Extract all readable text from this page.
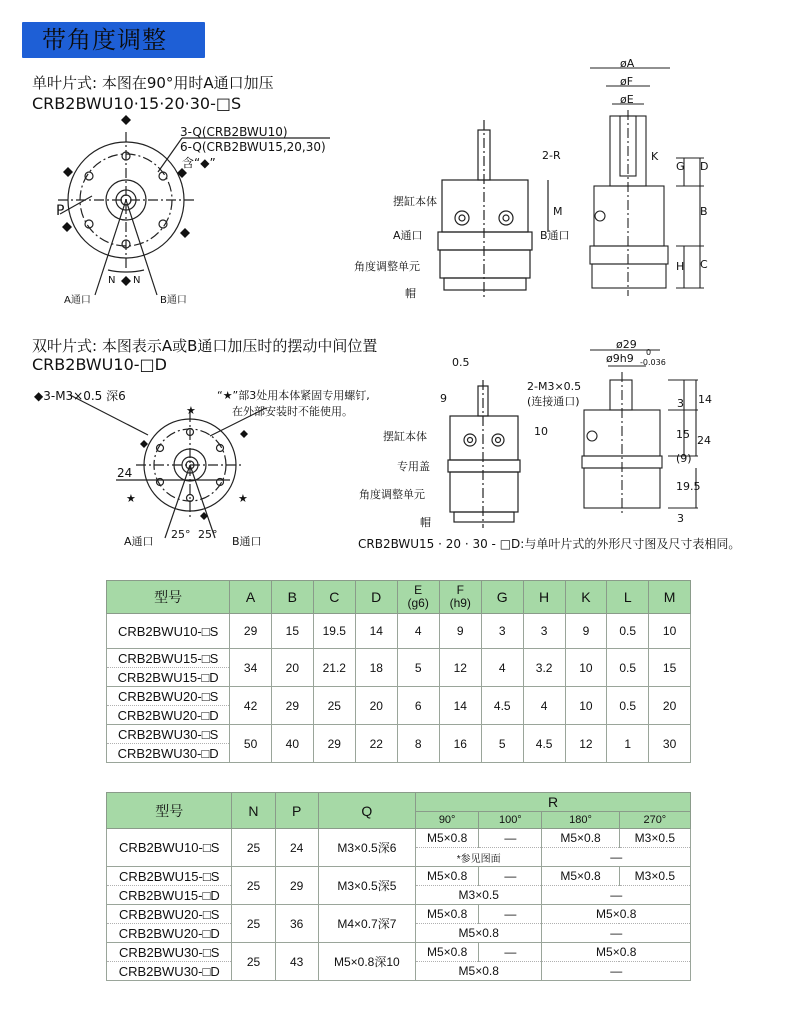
带角度调整
单叶片式: 本图在90°用时A通口加压
CRB2BWU10·15·20·30-□S
P
N N
A通口	B通口
3-Q(CRB2BWU10)
6-Q(CRB2BWU15,20,30)
含“◆”
2-R
摆缸本体
A通口	B通口
角度调整单元
帽
M
øA
øF
øE
K
G D
B
H C
双叶片式: 本图表示A或B通口加压时的摆动中间位置
CRB2BWU10-□D
★
★	★
◆3-M3×0.5 深6	“★”部3处用本体紧固专用螺钉,
在外部安装时不能使用。
24
25° 25°
A通口	B通口
0.5
9
2-M3×0.5
(连接通口)
10
摆缸本体
专用盖
角度调整单元
帽
ø29
ø9h9 0
-0.036
3 14
15 24
(9)
19.5
3
CRB2BWU15 · 20 · 30 - □D:与单叶片式的外形尺寸图及尺寸表相同。
型号	A	B	C	D	E
(g6)	F
(h9)	G	H	K	L	M
CRB2BWU10-□S	29	15	19.5	14	4	9	3	3	9	0.5	10
CRB2BWU15-□S	34	20	21.2	18	5	12	4	3.2	10	0.5	15
CRB2BWU15-□D											
CRB2BWU20-□S	42	29	25	20	6	14	4.5	4	10	0.5	20
CRB2BWU20-□D											
CRB2BWU30-□S	50	40	29	22	8	16	5	4.5	12	1	30
CRB2BWU30-□D											
型号	N	P	Q	R			
				90°	100°	180°	270°
CRB2BWU10-□S	25	24	M3×0.5深6	M5×0.8	—	M5×0.8	M3×0.5
				*参见图面		—	
CRB2BWU15-□S	25	29	M3×0.5深5	M5×0.8	—	M5×0.8	M3×0.5
CRB2BWU15-□D				M3×0.5		—	
CRB2BWU20-□S	25	36	M4×0.7深7	M5×0.8	—	M5×0.8	
CRB2BWU20-□D				M5×0.8		—	
CRB2BWU30-□S	25	43	M5×0.8深10	M5×0.8	—	M5×0.8	
CRB2BWU30-□D				M5×0.8		—	
